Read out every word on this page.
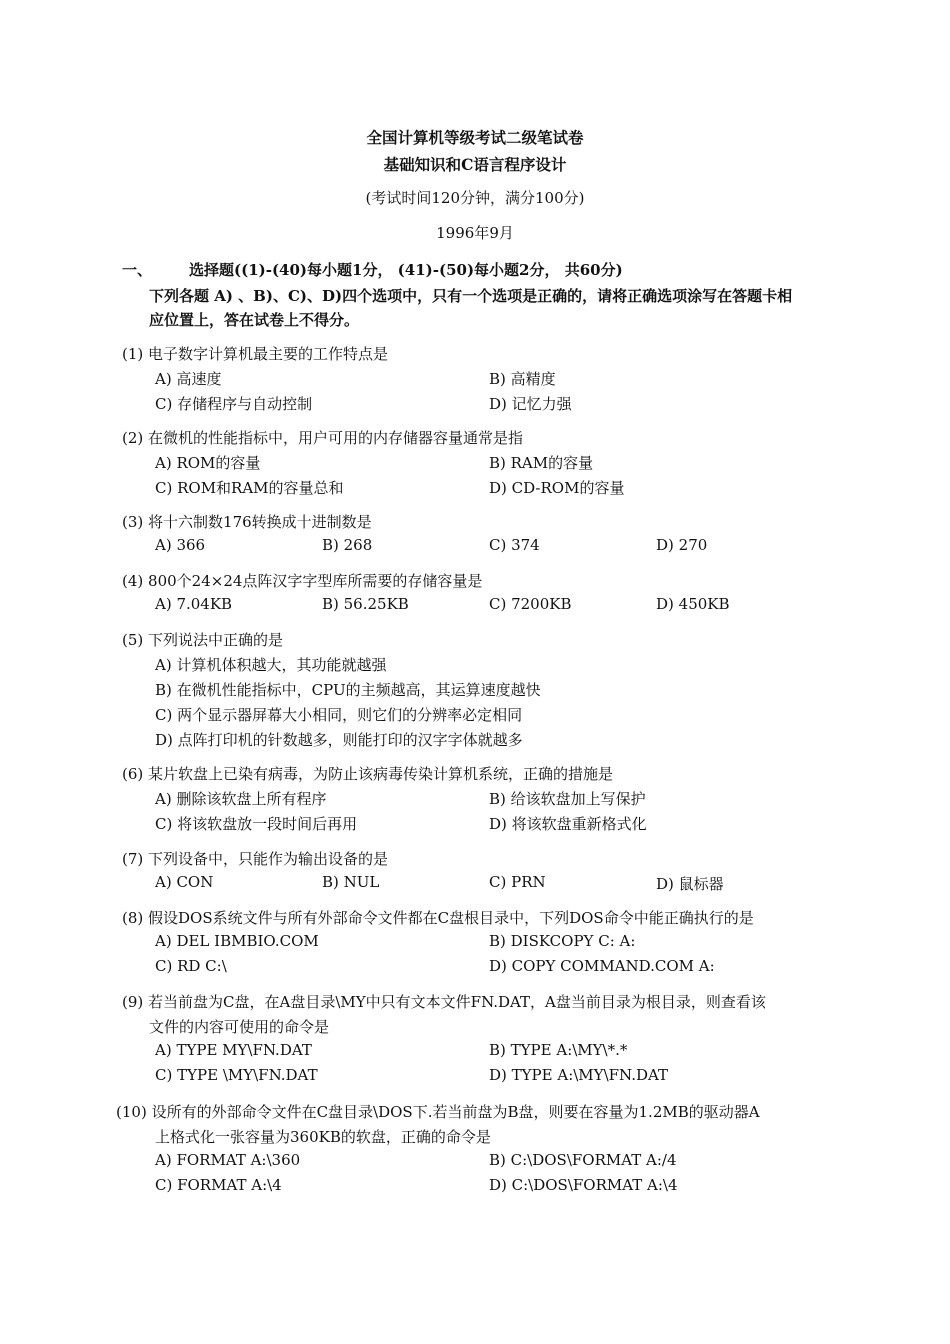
全国计算机等级考试二级笔试卷
基础知识和C语言程序设计
(考试时间120分钟，满分100分)
1996年9月
一、 选择题((1)-(40)每小题1分， (41)-(50)每小题2分， 共60分)
下列各题 A) 、B)、C)、D)四个选项中，只有一个选项是正确的，请将正确选项涂写在答题卡相
应位置上，答在试卷上不得分。
(1) 电子数字计算机最主要的工作特点是
A) 高速度	B) 高精度
C) 存储程序与自动控制	D) 记忆力强
(2) 在微机的性能指标中，用户可用的内存储器容量通常是指
A) ROM的容量	B) RAM的容量
C) ROM和RAM的容量总和	D) CD-ROM的容量
(3) 将十六制数176转换成十进制数是
A) 366	B) 268	C) 374	D) 270
(4) 800个24×24点阵汉字字型库所需要的存储容量是
A) 7.04KB	B) 56.25KB	C) 7200KB	D) 450KB
(5) 下列说法中正确的是
A) 计算机体积越大，其功能就越强
B) 在微机性能指标中，CPU的主频越高，其运算速度越快
C) 两个显示器屏幕大小相同，则它们的分辨率必定相同
D) 点阵打印机的针数越多，则能打印的汉字字体就越多
(6) 某片软盘上已染有病毒，为防止该病毒传染计算机系统，正确的措施是
A) 删除该软盘上所有程序	B) 给该软盘加上写保护
C) 将该软盘放一段时间后再用	D) 将该软盘重新格式化
(7) 下列设备中，只能作为输出设备的是
A) CON	B) NUL	C) PRN	D) 鼠标器
(8) 假设DOS系统文件与所有外部命令文件都在C盘根目录中，下列DOS命令中能正确执行的是
A) DEL IBMBIO.COM	B) DISKCOPY C: A:
C) RD C:\	D) COPY COMMAND.COM A:
(9) 若当前盘为C盘，在A盘目录\MY中只有文本文件FN.DAT，A盘当前目录为根目录，则查看该
文件的内容可使用的命令是
A) TYPE MY\FN.DAT	B) TYPE A:\MY\*.*
C) TYPE \MY\FN.DAT	D) TYPE A:\MY\FN.DAT
(10) 设所有的外部命令文件在C盘目录\DOS下.若当前盘为B盘，则要在容量为1.2MB的驱动器A
上格式化一张容量为360KB的软盘，正确的命令是
A) FORMAT A:\360	B) C:\DOS\FORMAT A:/4
C) FORMAT A:\4	D) C:\DOS\FORMAT A:\4
